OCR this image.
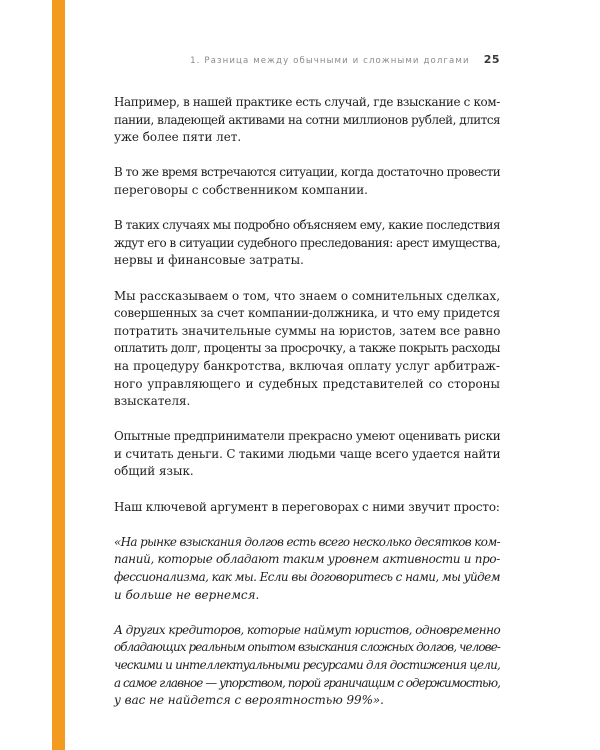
1. Разница между обычными и сложными долгами 25

Например, в нашей практике есть случай, где взыскание с ком-
пании, владеющей активами на сотни миллионов рублей, длится
уже более пяти лет.

В то же время встречаются ситуации, когда достаточно провести
переговоры с собственником компании.

В таких случаях мы подробно объясняем ему, какие последствия
ждут его в ситуации судебного преследования: арест имущества,
нервы и финансовые затраты.

Мы рассказываем о том, что знаем о сомнительных сделках,
совершенных за счет компании-должника, и что ему придется
потратить значительные суммы на юристов, затем все равно
оплатить долг, проценты за просрочку, а также покрыть расходы
на процедуру банкротства, включая оплату услуг арбитраж-
ного управляющего и судебных представителей со стороны
взыскателя.

Опытные предприниматели прекрасно умеют оценивать риски
и считать деньги. С такими людьми чаще всего удается найти
общий язык.

Наш ключевой аргумент в переговорах с ними звучит просто:

«На рынке взыскания долгов есть всего несколько десятков ком-
паний, которые обладают таким уровнем активности и про-
фессионализма, как мы. Если вы договоритесь с нами, мы уйдем
и больше не вернемся.

А других кредиторов, которые наймут юристов, одновременно
обладающих реальным опытом взыскания сложных долгов, челове-
ческими и интеллектуальными ресурсами для достижения цели,
а самое главное — упорством, порой граничащим с одержимостью,
у вас не найдется с вероятностью 99%».
